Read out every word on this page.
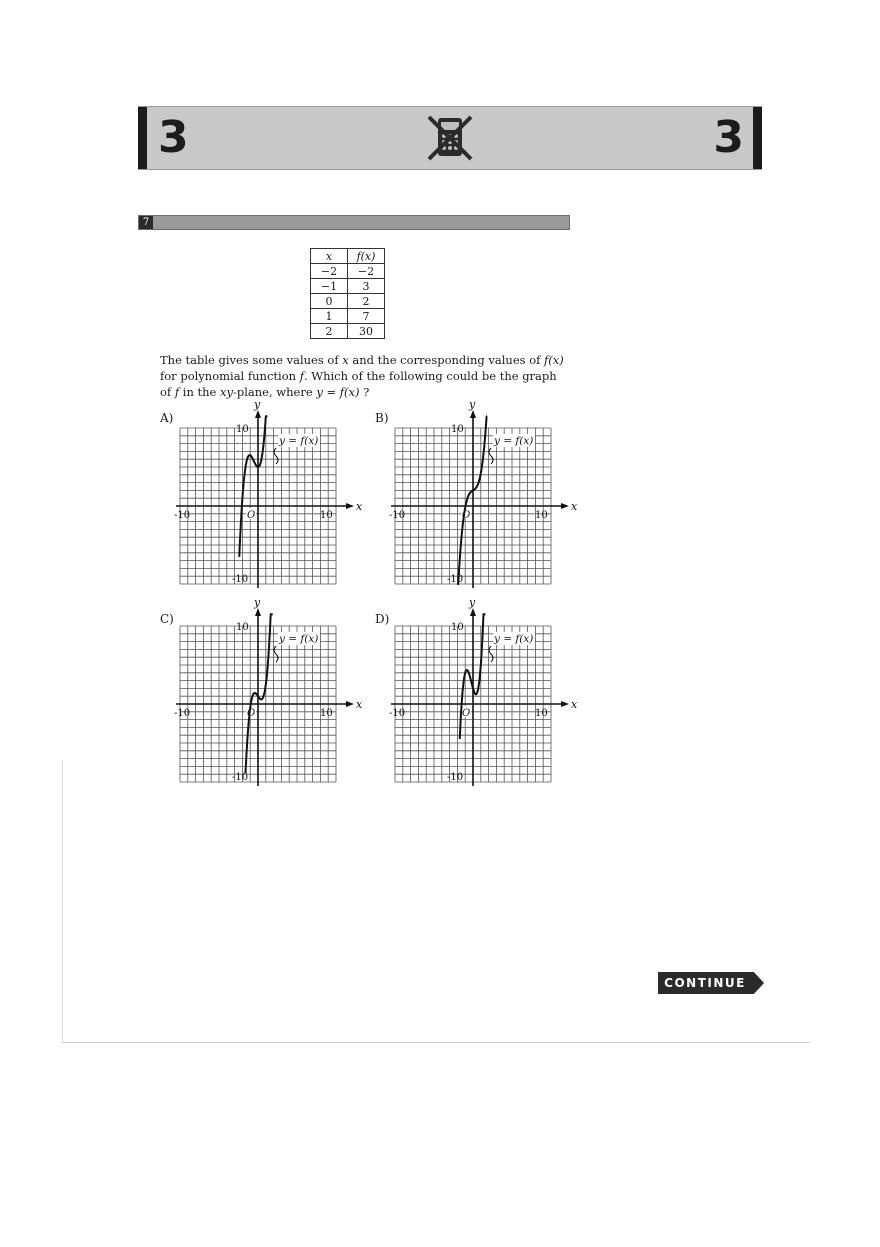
3	3
7
x	f(x)
−2	−2
−1	3
0	2
1	7
2	30
The table gives some values of x and the corresponding values of f(x) for polynomial function f. Which of the following could be the graph of f in the xy-plane, where y = f(x) ?
A)	B)
C)	D)
y
x
10
-10
-10	10
O
y = f(x)
y
x
10
-10
-10	10
O
y = f(x)
y
x
10
-10
-10	10
O
y = f(x)
y
x
10
-10
-10	10
O
y = f(x)
CONTINUE
